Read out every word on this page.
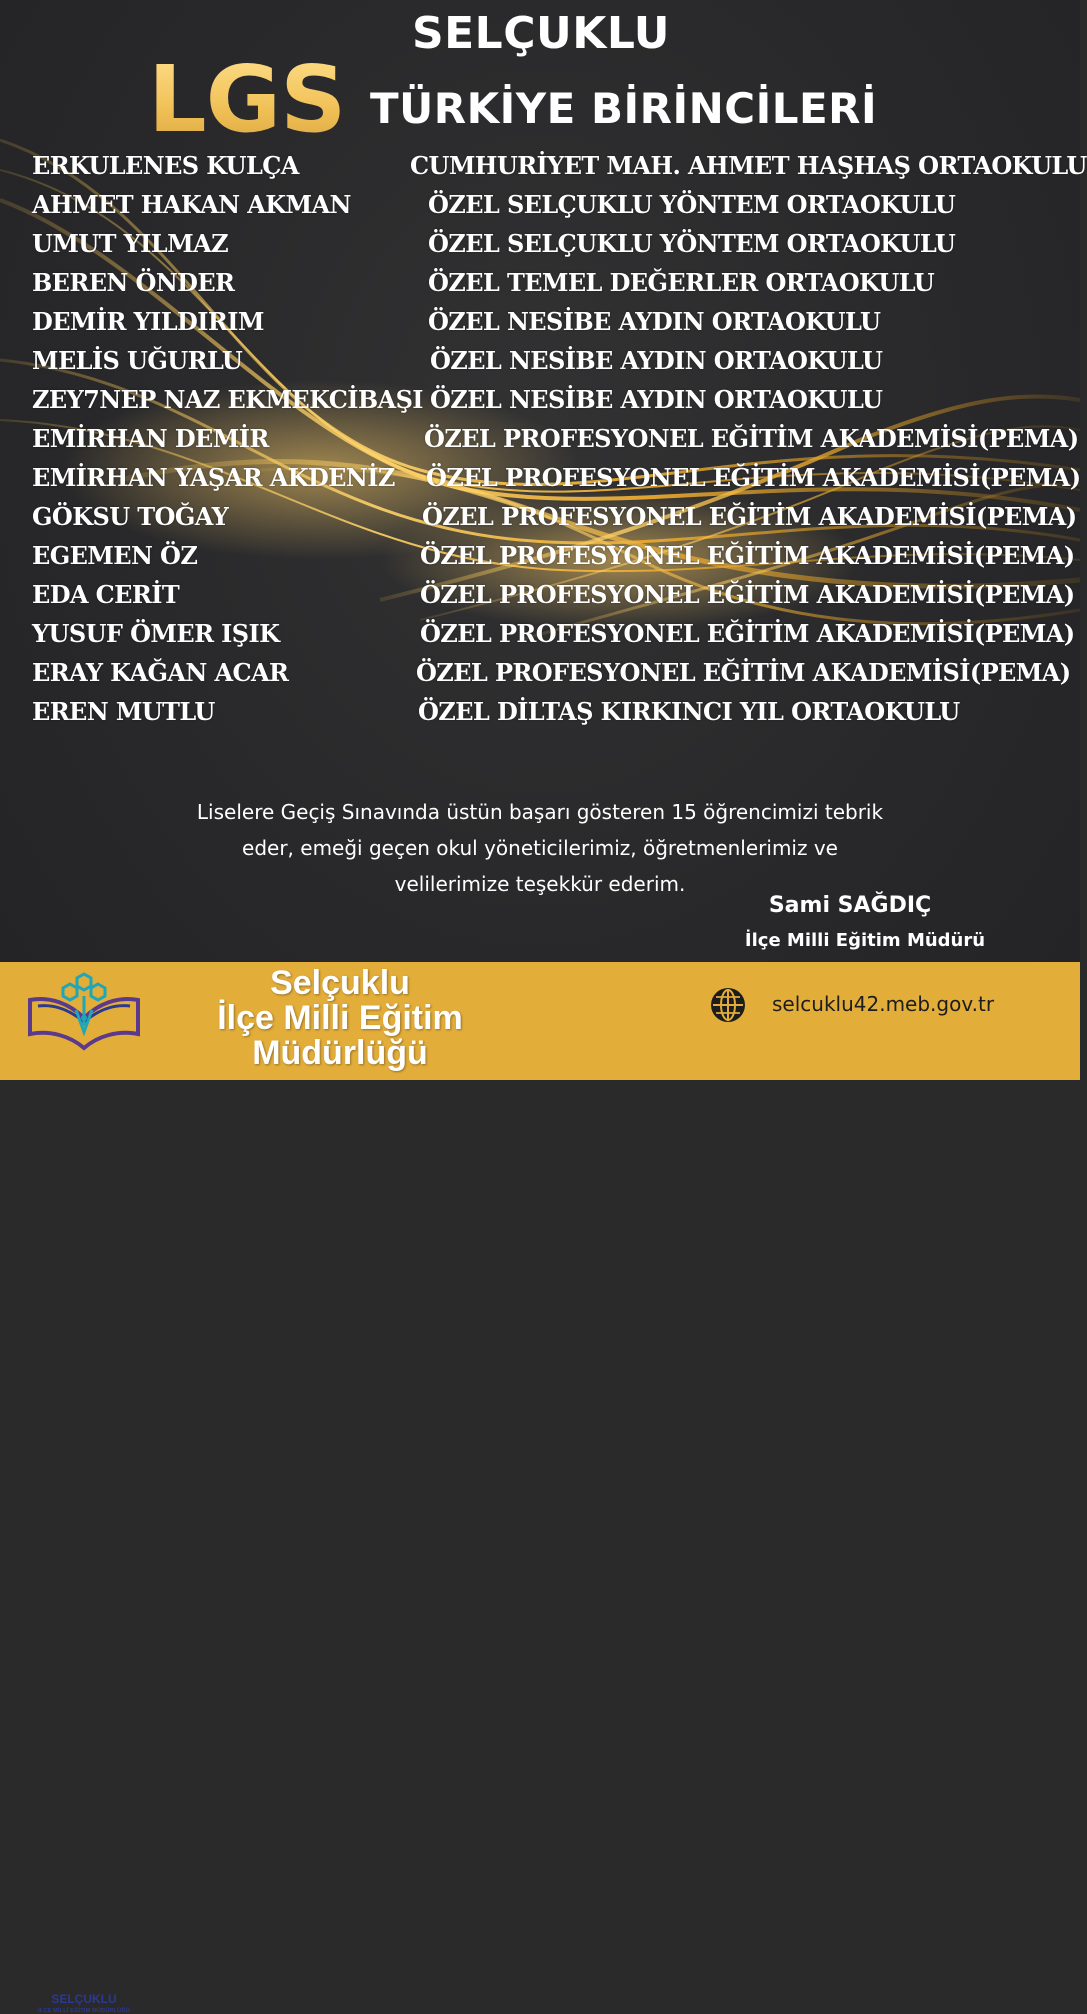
SELÇUKLU
LGS TÜRKİYE BİRİNCİLERİ
ERKULENES KULÇA	CUMHURİYET MAH. AHMET HAŞHAŞ ORTAOKULU
AHMET HAKAN AKMAN	ÖZEL SELÇUKLU YÖNTEM ORTAOKULU
UMUT YILMAZ	ÖZEL SELÇUKLU YÖNTEM ORTAOKULU
BEREN ÖNDER	ÖZEL TEMEL DEĞERLER ORTAOKULU
DEMİR YILDIRIM	ÖZEL NESİBE AYDIN ORTAOKULU
MELİS UĞURLU	ÖZEL NESİBE AYDIN ORTAOKULU
ZEY7NEP NAZ EKMEKCİBAŞI ÖZEL NESİBE AYDIN ORTAOKULU
EMİRHAN DEMİR	ÖZEL PROFESYONEL EĞİTİM AKADEMİSİ(PEMA)
EMİRHAN YAŞAR AKDENİZ ÖZEL PROFESYONEL EĞİTİM AKADEMİSİ(PEMA)
GÖKSU TOĞAY	ÖZEL PROFESYONEL EĞİTİM AKADEMİSİ(PEMA)
EGEMEN ÖZ	ÖZEL PROFESYONEL EĞİTİM AKADEMİSİ(PEMA)
EDA CERİT	ÖZEL PROFESYONEL EĞİTİM AKADEMİSİ(PEMA)
YUSUF ÖMER IŞIK	ÖZEL PROFESYONEL EĞİTİM AKADEMİSİ(PEMA)
ERAY KAĞAN ACAR	ÖZEL PROFESYONEL EĞİTİM AKADEMİSİ(PEMA)
EREN MUTLU	ÖZEL DİLTAŞ KIRKINCI YIL ORTAOKULU
Liselere Geçiş Sınavında üstün başarı gösteren 15 öğrencimizi tebrik
eder, emeği geçen okul yöneticilerimiz, öğretmenlerimiz ve
velilerimize teşekkür ederim.
Sami SAĞDIÇ
İlçe Milli Eğitim Müdürü
SELÇUKLU
İLÇE MİLLİ EĞİTİM MÜDÜRLÜĞÜ
Selçuklu
İlçe Milli Eğitim
Müdürlüğü
selcuklu42.meb.gov.tr
